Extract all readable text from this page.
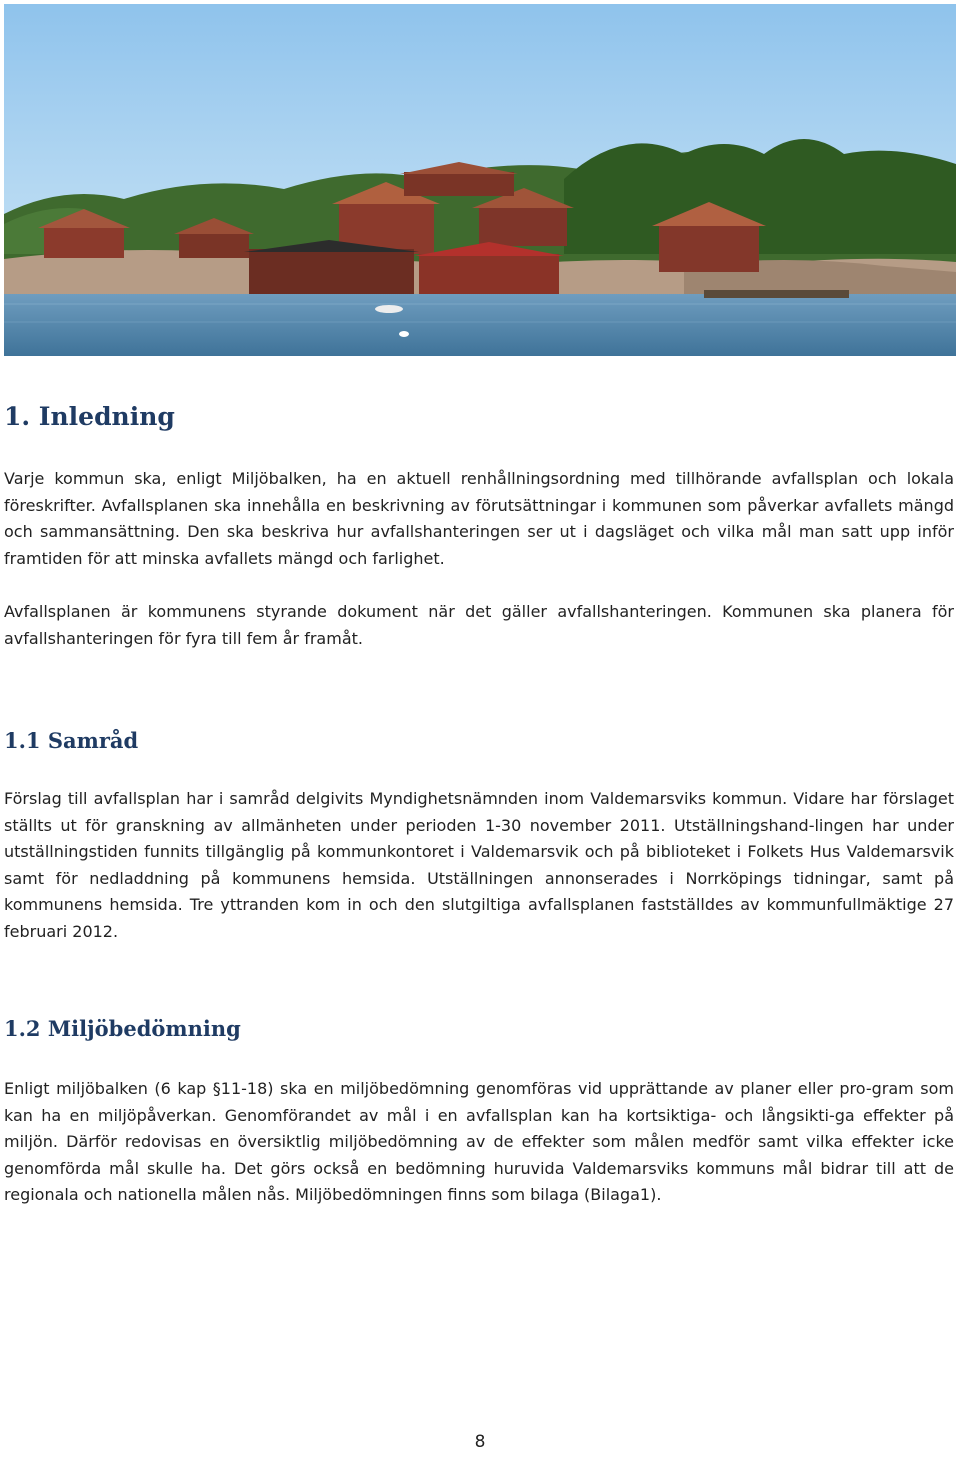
1. Inledning

Varje kommun ska, enligt Miljöbalken, ha en aktuell renhållningsordning med tillhörande avfallsplan och lokala föreskrifter. Avfallsplanen ska innehålla en beskrivning av förutsättningar i kommunen som påverkar avfallets mängd och sammansättning. Den ska beskriva hur avfallshanteringen ser ut i dagsläget och vilka mål man satt upp inför framtiden för att minska avfallets mängd och farlighet.

Avfallsplanen är kommunens styrande dokument när det gäller avfallshanteringen. Kommunen ska planera för avfallshanteringen för fyra till fem år framåt.

1.1 Samråd

Förslag till avfallsplan har i samråd delgivits Myndighetsnämnden inom Valdemarsviks kommun. Vidare har förslaget ställts ut för granskning av allmänheten under perioden 1-30 november 2011. Utställningshand-lingen har under utställningstiden funnits tillgänglig på kommunkontoret i Valdemarsvik och på biblioteket i Folkets Hus Valdemarsvik samt för nedladdning på kommunens hemsida. Utställningen annonserades i Norrköpings tidningar, samt på kommunens hemsida. Tre yttranden kom in och den slutgiltiga avfallsplanen fastställdes av kommunfullmäktige 27 februari 2012.

1.2 Miljöbedömning

Enligt miljöbalken (6 kap §11-18) ska en miljöbedömning genomföras vid upprättande av planer eller pro-gram som kan ha en miljöpåverkan. Genomförandet av mål i en avfallsplan kan ha kortsiktiga- och långsikti-ga effekter på miljön. Därför redovisas en översiktlig miljöbedömning av de effekter som målen medför samt vilka effekter icke genomförda mål skulle ha. Det görs också en bedömning huruvida Valdemarsviks kommuns mål bidrar till att de regionala och nationella målen nås. Miljöbedömningen finns som bilaga (Bilaga1).

8
